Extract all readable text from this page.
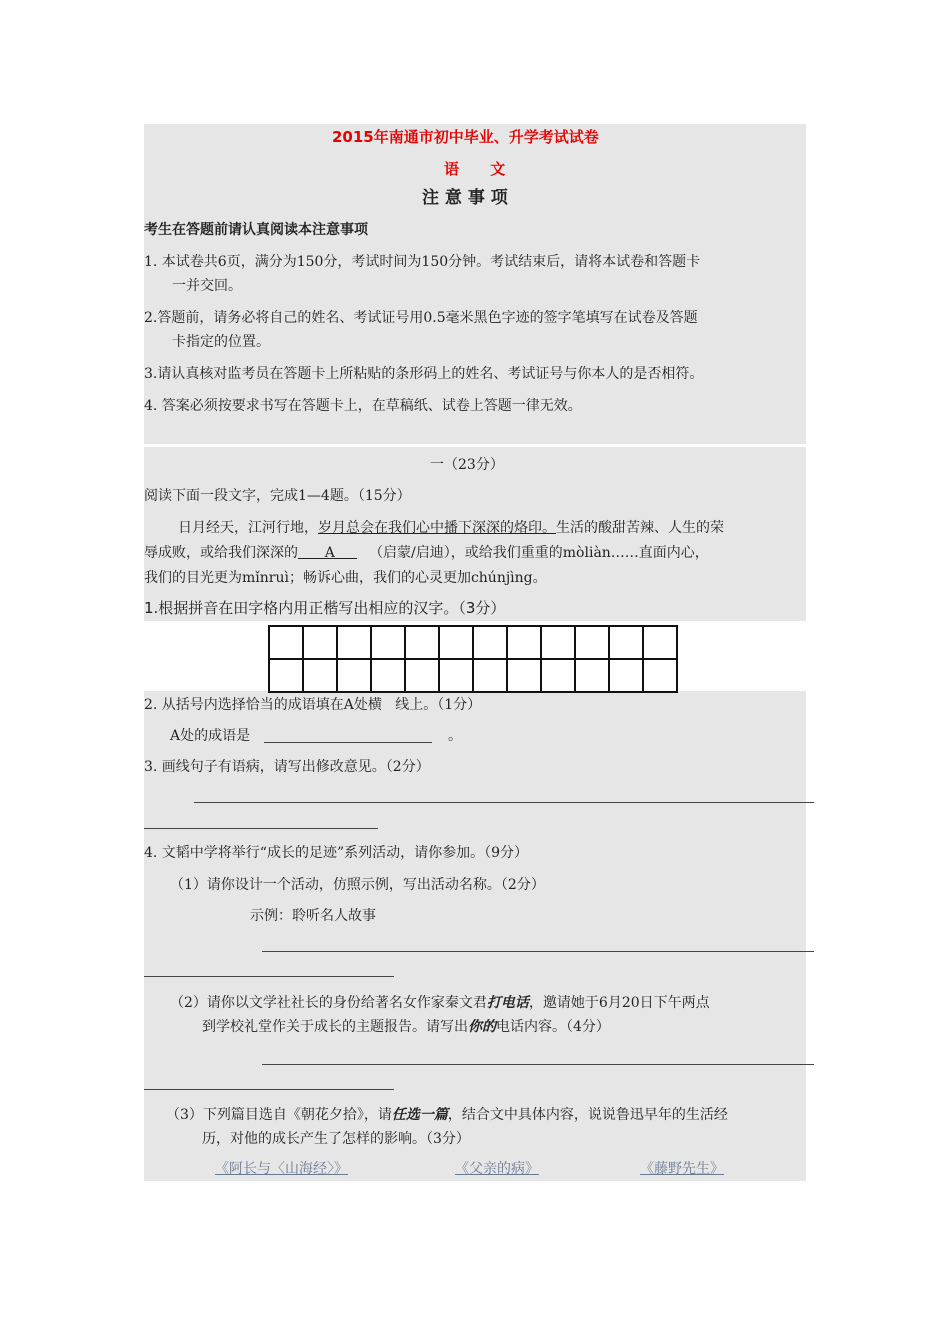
2015年南通市初中毕业、升学考试试卷
语 文
注 意 事 项
考生在答题前请认真阅读本注意事项
1. 本试卷共6页，满分为150分，考试时间为150分钟。考试结束后，请将本试卷和答题卡
一并交回。
2.答题前，请务必将自己的姓名、考试证号用0.5毫米黑色字迹的签字笔填写在试卷及答题
卡指定的位置。
3.请认真核对监考员在答题卡上所粘贴的条形码上的姓名、考试证号与你本人的是否相符。
4. 答案必须按要求书写在答题卡上，在草稿纸、试卷上答题一律无效。
一（23分）
阅读下面一段文字，完成1—4题。（15分）
日月经天，江河行地，岁月总会在我们心中播下深深的烙印。生活的酸甜苦辣、人生的荣
辱成败，或给我们深深的      A     （启蒙/启迪），或给我们重重的mòliàn……直面内心，
我们的目光更为mǐnruì；畅诉心曲，我们的心灵更加chúnjìng。
1.根据拼音在田字格内用正楷写出相应的汉字。（3分）

2. 从括号内选择恰当的成语填在A处横   线上。（1分）
A处的成语是	。
3. 画线句子有语病，请写出修改意见。（2分）
4. 文韬中学将举行“成长的足迹”系列活动，请你参加。（9分）
（1）请你设计一个活动，仿照示例，写出活动名称。（2分）
示例：聆听名人故事
（2）请你以文学社社长的身份给著名女作家秦文君打电话，邀请她于6月20日下午两点
到学校礼堂作关于成长的主题报告。请写出你的电话内容。（4分）
（3）下列篇目选自《朝花夕拾》，请任选一篇，结合文中具体内容，说说鲁迅早年的生活经
历，对他的成长产生了怎样的影响。（3分）
《阿长与〈山海经〉》	《父亲的病》	《藤野先生》
